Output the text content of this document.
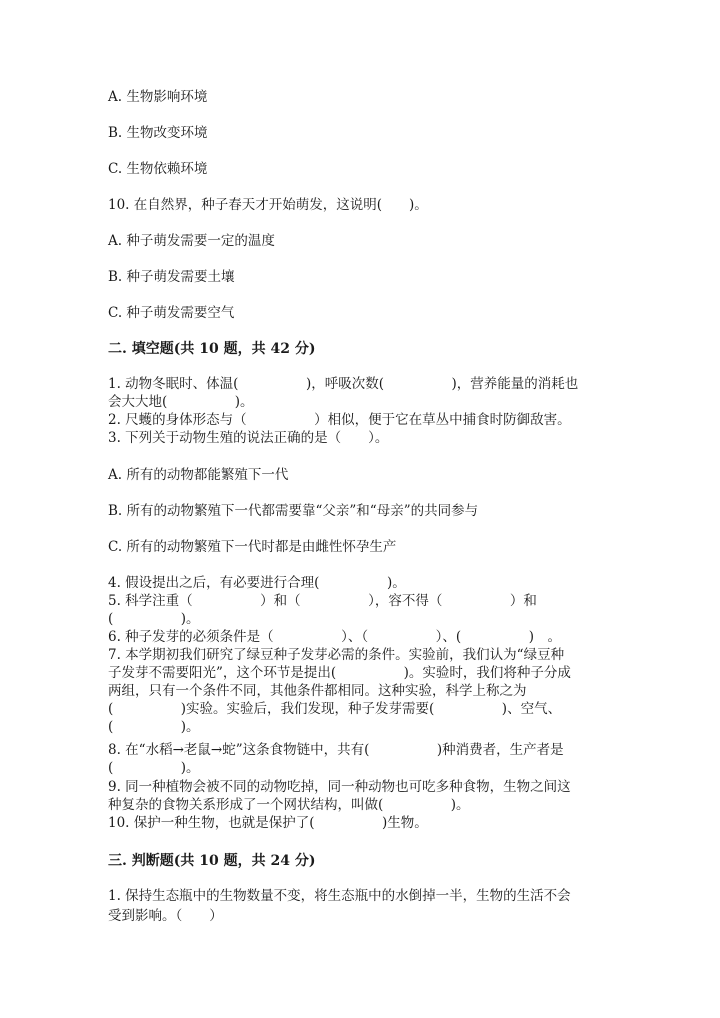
A. 生物影响环境
B. 生物改变环境
C. 生物依赖环境
10. 在自然界，种子春天才开始萌发，这说明(　　)。
A. 种子萌发需要一定的温度
B. 种子萌发需要土壤
C. 种子萌发需要空气
二. 填空题(共 10 题，共 42 分)
1. 动物冬眠时、体温(　　　　　)，呼吸次数(　　　　　)，营养能量的消耗也
会大大地(　　　　　)。
2. 尺蠖的身体形态与（　　　　　）相似，便于它在草丛中捕食时防御敌害。
3. 下列关于动物生殖的说法正确的是（　　）。
A. 所有的动物都能繁殖下一代
B. 所有的动物繁殖下一代都需要靠“父亲”和“母亲”的共同参与
C. 所有的动物繁殖下一代时都是由雌性怀孕生产
4. 假设提出之后，有必要进行合理(　　　　　)。
5. 科学注重（　　　　　）和（　　　　　），容不得（　　　　　）和
(　　　　　)。
6. 种子发芽的必须条件是（　　　　　）、（　　　　　）、(　　　　　)　。
7. 本学期初我们研究了绿豆种子发芽必需的条件。实验前，我们认为“绿豆种
子发芽不需要阳光”，这个环节是提出(　　　　　)。实验时，我们将种子分成
两组，只有一个条件不同，其他条件都相同。这种实验，科学上称之为
(　　　　　)实验。实验后，我们发现，种子发芽需要(　　　　　)、空气、
(　　　　　)。
8. 在“水稻→老鼠→蛇”这条食物链中，共有(　　　　　)种消费者，生产者是
(　　　　　)。
9. 同一种植物会被不同的动物吃掉，同一种动物也可吃多种食物，生物之间这
种复杂的食物关系形成了一个网状结构，叫做(　　　　　)。
10. 保护一种生物，也就是保护了(　　　　　)生物。
三. 判断题(共 10 题，共 24 分)
1. 保持生态瓶中的生物数量不变，将生态瓶中的水倒掉一半，生物的生活不会
受到影响。（　　）
